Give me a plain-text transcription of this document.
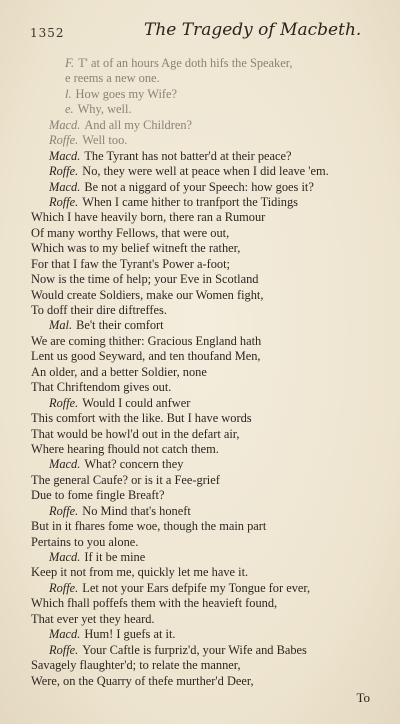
1352	The Tragedy of Macbeth.
F. T' at of an hours Age doth hifs the Speaker,
e reems a new one.
l. How goes my Wife?
e. Why, well.
Macd. And all my Children?
Roffe. Well too.
Macd. The Tyrant has not batter'd at their peace?
Roffe. No, they were well at peace when I did leave 'em.
Macd. Be not a niggard of your Speech: how goes it?
Roffe. When I came hither to tranfport the Tidings
Which I have heavily born, there ran a Rumour
Of many worthy Fellows, that were out,
Which was to my belief witneft the rather,
For that I faw the Tyrant's Power a-foot;
Now is the time of help; your Eve in Scotland
Would create Soldiers, make our Women fight,
To doff their dire diftreffes.
Mal. Be't their comfort
We are coming thither: Gracious England hath
Lent us good Seyward, and ten thoufand Men,
An older, and a better Soldier, none
That Chriftendom gives out.
Roffe. Would I could anfwer
This comfort with the like. But I have words
That would be howl'd out in the defart air,
Where hearing fhould not catch them.
Macd. What? concern they
The general Caufe? or is it a Fee-grief
Due to fome fingle Breaft?
Roffe. No Mind that's honeft
But in it fhares fome woe, though the main part
Pertains to you alone.
Macd. If it be mine
Keep it not from me, quickly let me have it.
Roffe. Let not your Ears defpife my Tongue for ever,
Which fhall poffefs them with the heavieft found,
That ever yet they heard.
Macd. Hum! I guefs at it.
Roffe. Your Caftle is furpriz'd, your Wife and Babes
Savagely flaughter'd; to relate the manner,
Were, on the Quarry of thefe murther'd Deer,
To
